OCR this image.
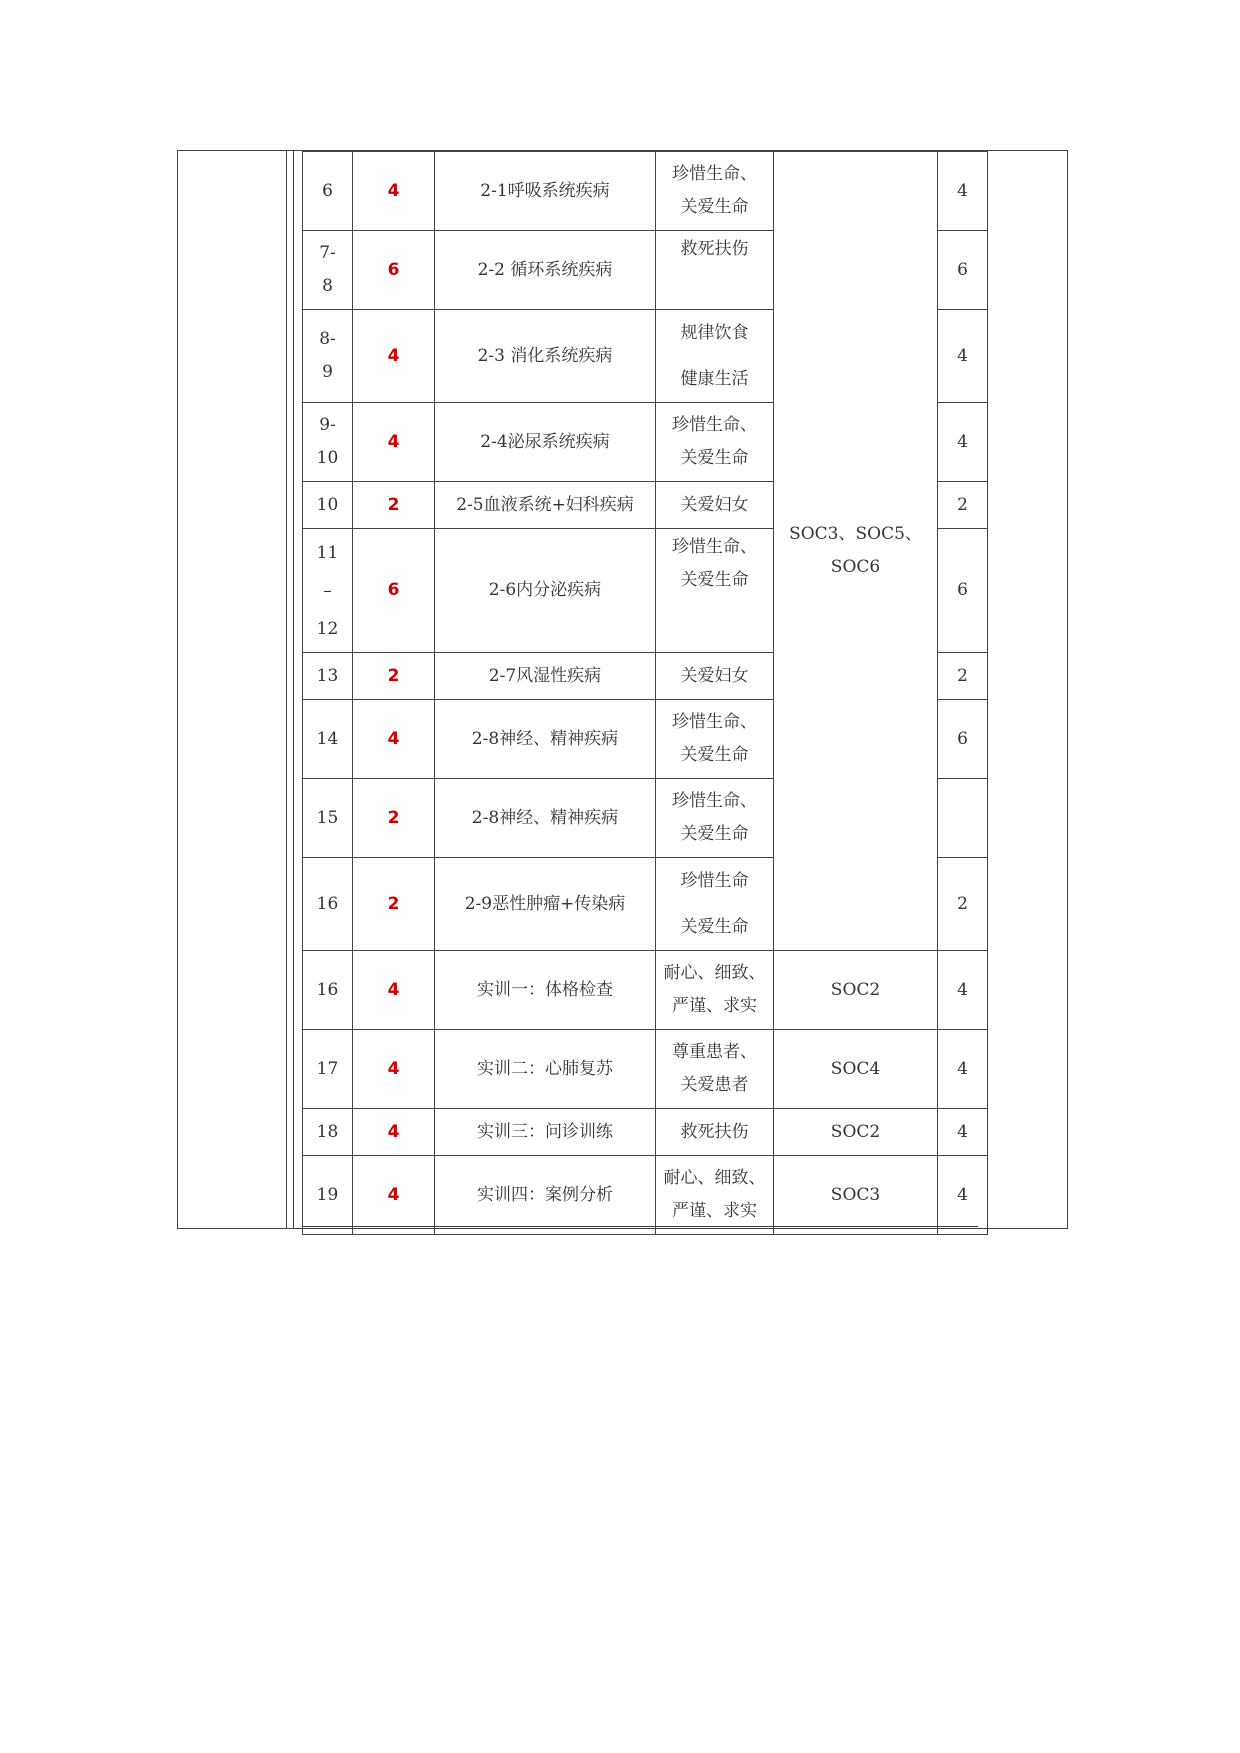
6	4	2-1呼吸系统疾病	珍惜生命、
关爱生命	SOC3、SOC5、SOC6	4

7-
8	6	2-2 循环系统疾病	救死扶伤		6

8-
9	4	2-3 消化系统疾病	规律饮食
健康生活		4

9-
10	4	2-4泌尿系统疾病	珍惜生命、
关爱生命		4

10	2	2-5血液系统+妇科疾病	关爱妇女		2

11
–
12	6	2-6内分泌疾病	珍惜生命、
关爱生命		6

13	2	2-7风湿性疾病	关爱妇女		2

14	4	2-8神经、精神疾病	珍惜生命、
关爱生命		6

15	2	2-8神经、精神疾病	珍惜生命、
关爱生命		

16	2	2-9恶性肿瘤+传染病	珍惜生命
关爱生命		2

16	4	实训一：体格检查	耐心、细致、
严谨、求实	SOC2	4

17	4	实训二：心肺复苏	尊重患者、
关爱患者	SOC4	4

18	4	实训三：问诊训练	救死扶伤	SOC2	4

19	4	实训四：案例分析	耐心、细致、
严谨、求实	SOC3	4
